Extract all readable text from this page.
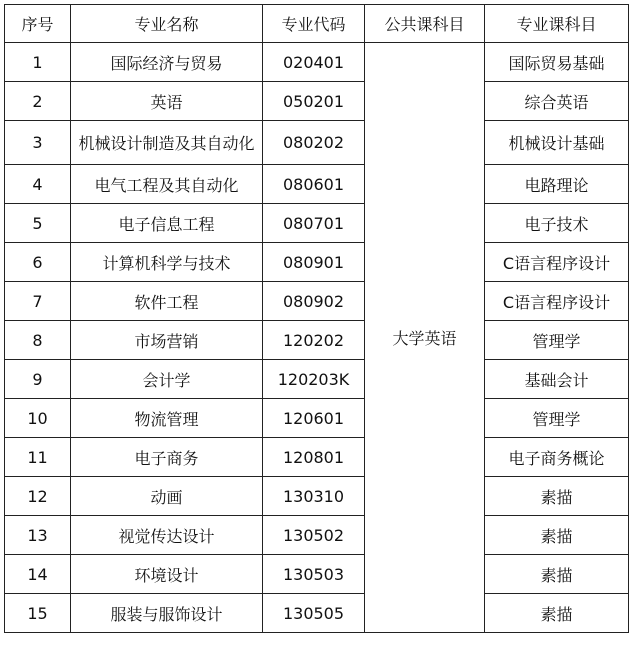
序号	专业名称	专业代码	公共课科目	专业课科目
1	国际经济与贸易	020401	大学英语	国际贸易基础
2	英语	050201		综合英语
3	机械设计制造及其自动化	080202		机械设计基础
4	电气工程及其自动化	080601		电路理论
5	电子信息工程	080701		电子技术
6	计算机科学与技术	080901		C语言程序设计
7	软件工程	080902		C语言程序设计
8	市场营销	120202		管理学
9	会计学	120203K		基础会计
10	物流管理	120601		管理学
11	电子商务	120801		电子商务概论
12	动画	130310		素描
13	视觉传达设计	130502		素描
14	环境设计	130503		素描
15	服装与服饰设计	130505		素描
